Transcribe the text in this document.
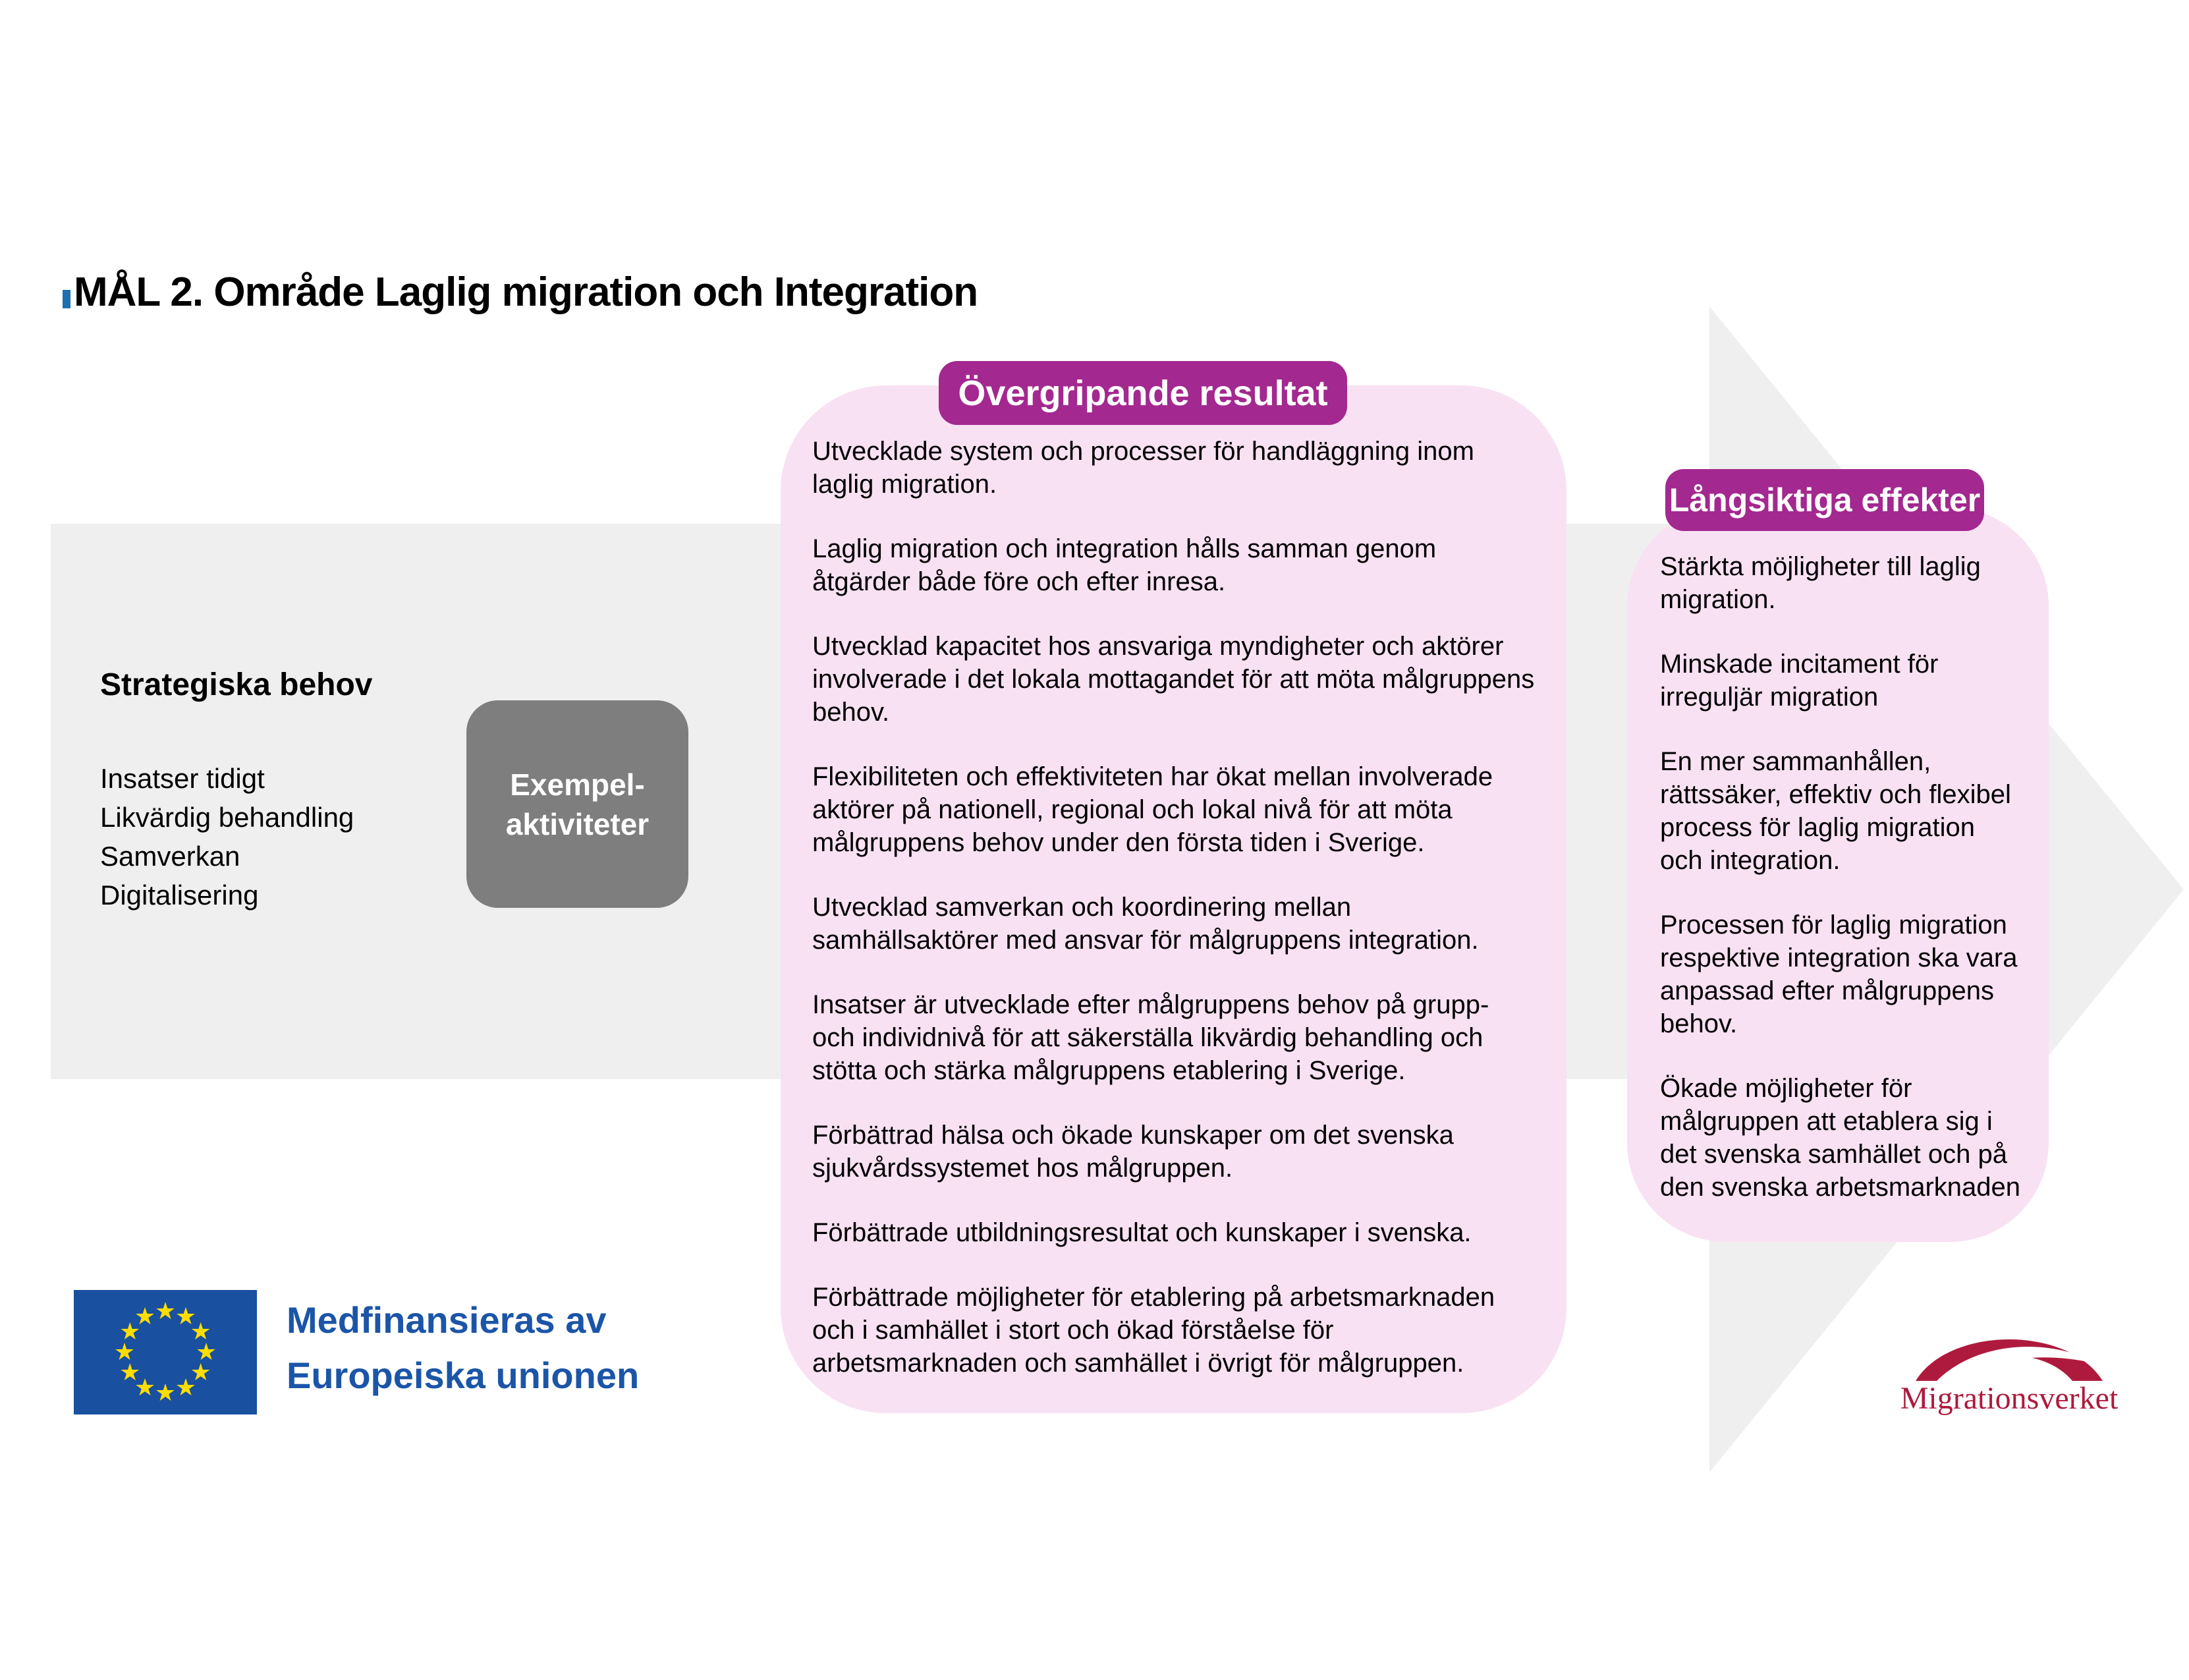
MÅL 2. Område Laglig migration och Integration
Strategiska behov

Insatser tidigt

Likvärdig behandling

Samverkan

Digitalisering

Exempel-
aktiviteter
Övergripande resultat

Utvecklade system och processer för handläggning inom laglig migration.

Laglig migration och integration hålls samman genom åtgärder både före och efter inresa.

Utvecklad kapacitet hos ansvariga myndigheter och aktörer involverade i det lokala mottagandet för att möta målgruppens behov.

Flexibiliteten och effektiviteten har ökat mellan involverade aktörer på nationell, regional och lokal nivå för att möta målgruppens behov under den första tiden i Sverige.

Utvecklad samverkan och koordinering mellan samhällsaktörer med ansvar för målgruppens integration.

Insatser är utvecklade efter målgruppens behov på grupp- och individnivå för att säkerställa likvärdig behandling och stötta och stärka målgruppens etablering i Sverige.

Förbättrad hälsa och ökade kunskaper om det svenska sjukvårdssystemet hos målgruppen.

Förbättrade utbildningsresultat och kunskaper i svenska.

Förbättrade möjligheter för etablering på arbetsmarknaden och i samhället i stort och ökad förståelse för arbetsmarknaden och samhället i övrigt för målgruppen.

Långsiktiga effekter

Stärkta möjligheter till laglig migration.

Minskade incitament för irreguljär migration

En mer sammanhållen, rättssäker, effektiv och flexibel process för laglig migration och integration.

Processen för laglig migration respektive integration ska vara anpassad efter målgruppens behov.

Ökade möjligheter för målgruppen att etablera sig i det svenska samhället och på den svenska arbetsmarknaden

★
★
★
★
★
★
★
★
★
★
★
★	Medfinansieras av
Europeiska unionen
Migrationsverket
